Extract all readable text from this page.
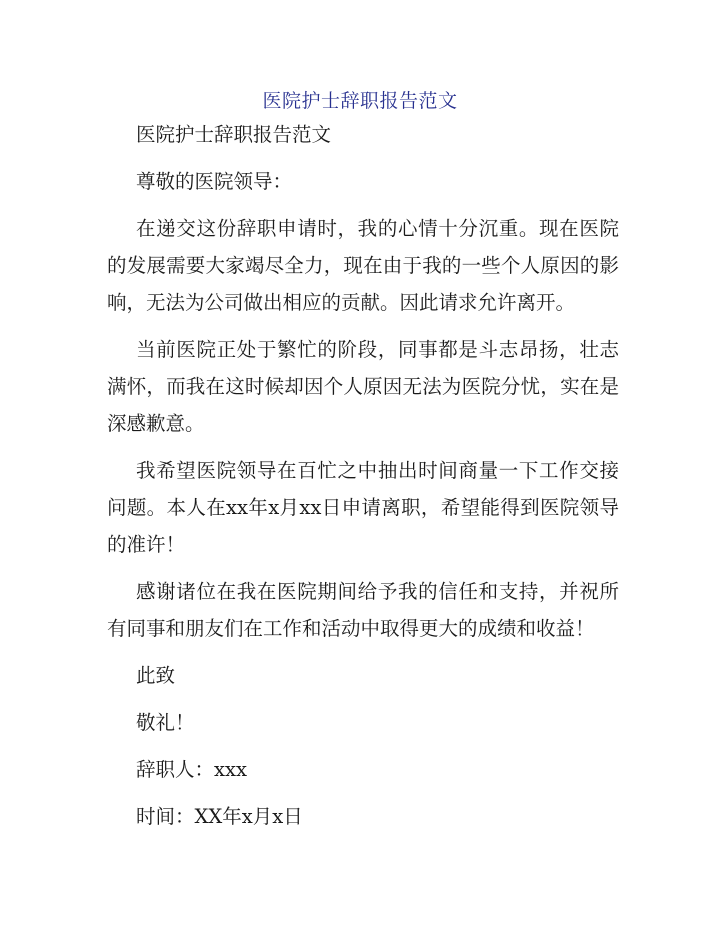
医院护士辞职报告范文

医院护士辞职报告范文

尊敬的医院领导：

在递交这份辞职申请时，我的心情十分沉重。现在医院的发展需要大家竭尽全力，现在由于我的一些个人原因的影响，无法为公司做出相应的贡献。因此请求允许离开。

当前医院正处于繁忙的阶段，同事都是斗志昂扬，壮志满怀，而我在这时候却因个人原因无法为医院分忧，实在是深感歉意。

我希望医院领导在百忙之中抽出时间商量一下工作交接问题。本人在xx年x月xx日申请离职，希望能得到医院领导的准许！

感谢诸位在我在医院期间给予我的信任和支持，并祝所有同事和朋友们在工作和活动中取得更大的成绩和收益！

此致

敬礼！

辞职人：xxx

时间：XX年x月x日
